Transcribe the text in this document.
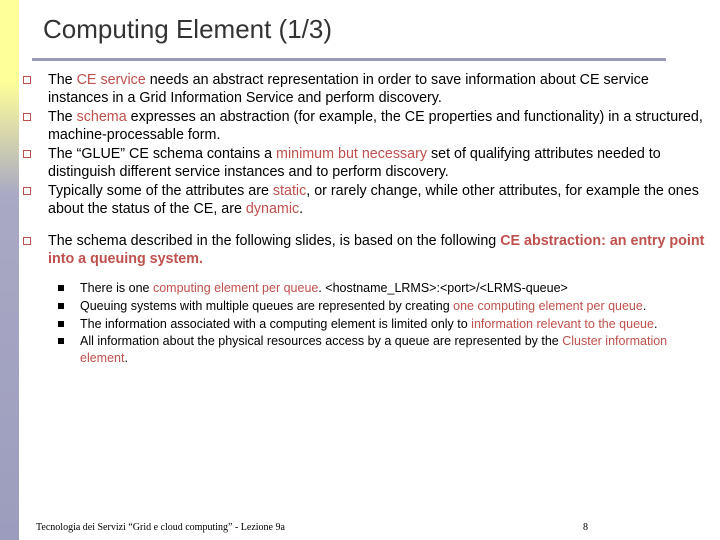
Computing Element (1/3)
The CE service needs an abstract representation in order to save information about CE service instances in a Grid Information Service and perform discovery.
The schema expresses an abstraction (for example, the CE properties and functionality) in a structured, machine-processable form.
The “GLUE” CE schema contains a minimum but necessary set of qualifying attributes needed to distinguish different service instances and to perform discovery.
Typically some of the attributes are static, or rarely change, while other attributes, for example the ones about the status of the CE, are dynamic.
The schema described in the following slides, is based on the following CE abstraction: an entry point into a queuing system.
There is one computing element per queue. <hostname_LRMS>:<port>/<LRMS-queue>
Queuing systems with multiple queues are represented by creating one computing element per queue.
The information associated with a computing element is limited only to information relevant to the queue.
All information about the physical resources access by a queue are represented by the Cluster information element.
Tecnologia dei Servizi “Grid e cloud computing” - Lezione 9a	8
